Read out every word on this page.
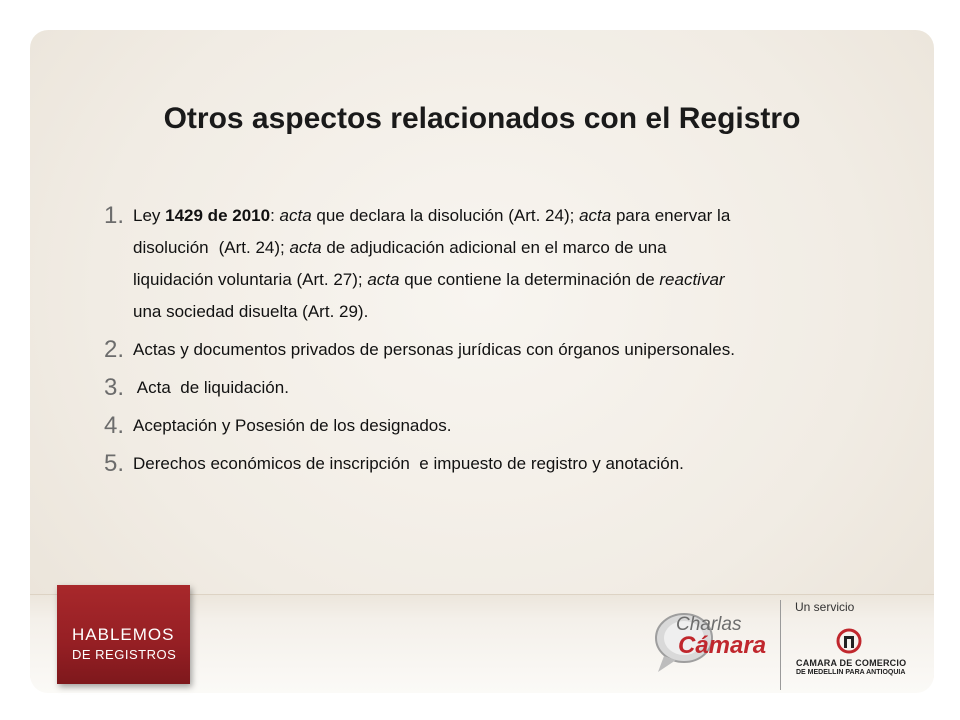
Otros aspectos relacionados con el Registro
1. Ley 1429 de 2010: acta que declara la disolución (Art. 24); acta para enervar la
disolución (Art. 24); acta de adjudicación adicional en el marco de una
liquidación voluntaria (Art. 27); acta que contiene la determinación de reactivar
una sociedad disuelta (Art. 29).
2. Actas y documentos privados de personas jurídicas con órganos unipersonales.
3. Acta  de liquidación.
4. Aceptación y Posesión de los designados.
5. Derechos económicos de inscripción  e impuesto de registro y anotación.
HABLEMOS
DE REGISTROS
Charlas
Cámara
Un servicio
CAMARA DE COMERCIO
DE MEDELLIN PARA ANTIOQUIA
